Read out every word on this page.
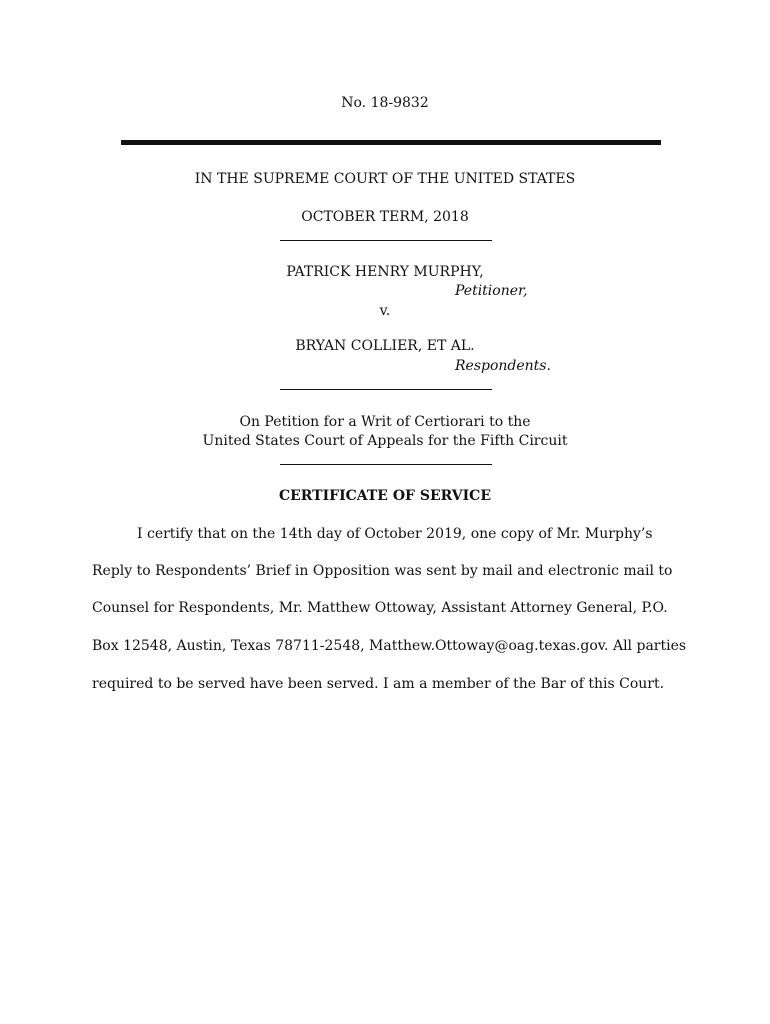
No. 18-9832
IN THE SUPREME COURT OF THE UNITED STATES
OCTOBER TERM, 2018
PATRICK HENRY MURPHY,
Petitioner,
v.
BRYAN COLLIER, ET AL.
Respondents.
On Petition for a Writ of Certiorari to the
United States Court of Appeals for the Fifth Circuit
CERTIFICATE OF SERVICE
I certify that on the 14th day of October 2019, one copy of Mr. Murphy’s
Reply to Respondents’ Brief in Opposition was sent by mail and electronic mail to
Counsel for Respondents, Mr. Matthew Ottoway, Assistant Attorney General, P.O.
Box 12548, Austin, Texas 78711-2548, Matthew.Ottoway@oag.texas.gov. All parties
required to be served have been served. I am a member of the Bar of this Court.
